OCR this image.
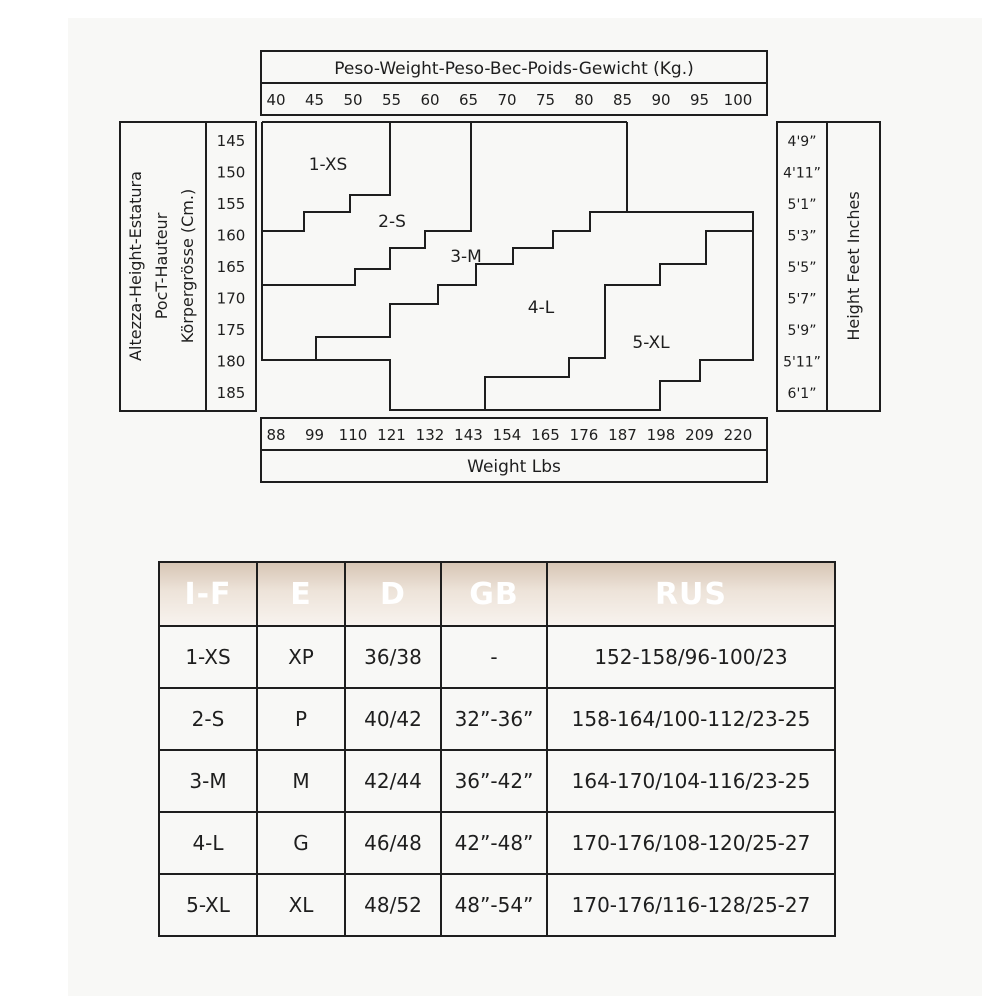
Peso-Weight-Peso-Bec-Poids-Gewicht (Kg.)
40 45 50 55 60 65 70 75 80 85 90 95 100
145
150
155
160
165
170
175
180
185
4'9”
4'11”
5'1”
5'3”
5'5”
5'7”
5'9”
5'11”
6'1”
88 99 110 121 132 143 154 165 176 187 198 209 220
Altezza-Height-Estatura PocT-Hauteur Körpergrösse (Cm.)	Height Feet Inches
Weight Lbs
1-XS
2-S
3-M
4-L
5-XL
I-F	E	D	GB	RUS
1-XS	XP	36/38	-	152-158/96-100/23
2-S	P	40/42	32”-36”	158-164/100-112/23-25
3-M	M	42/44	36”-42”	164-170/104-116/23-25
4-L	G	46/48	42”-48”	170-176/108-120/25-27
5-XL	XL	48/52	48”-54”	170-176/116-128/25-27
